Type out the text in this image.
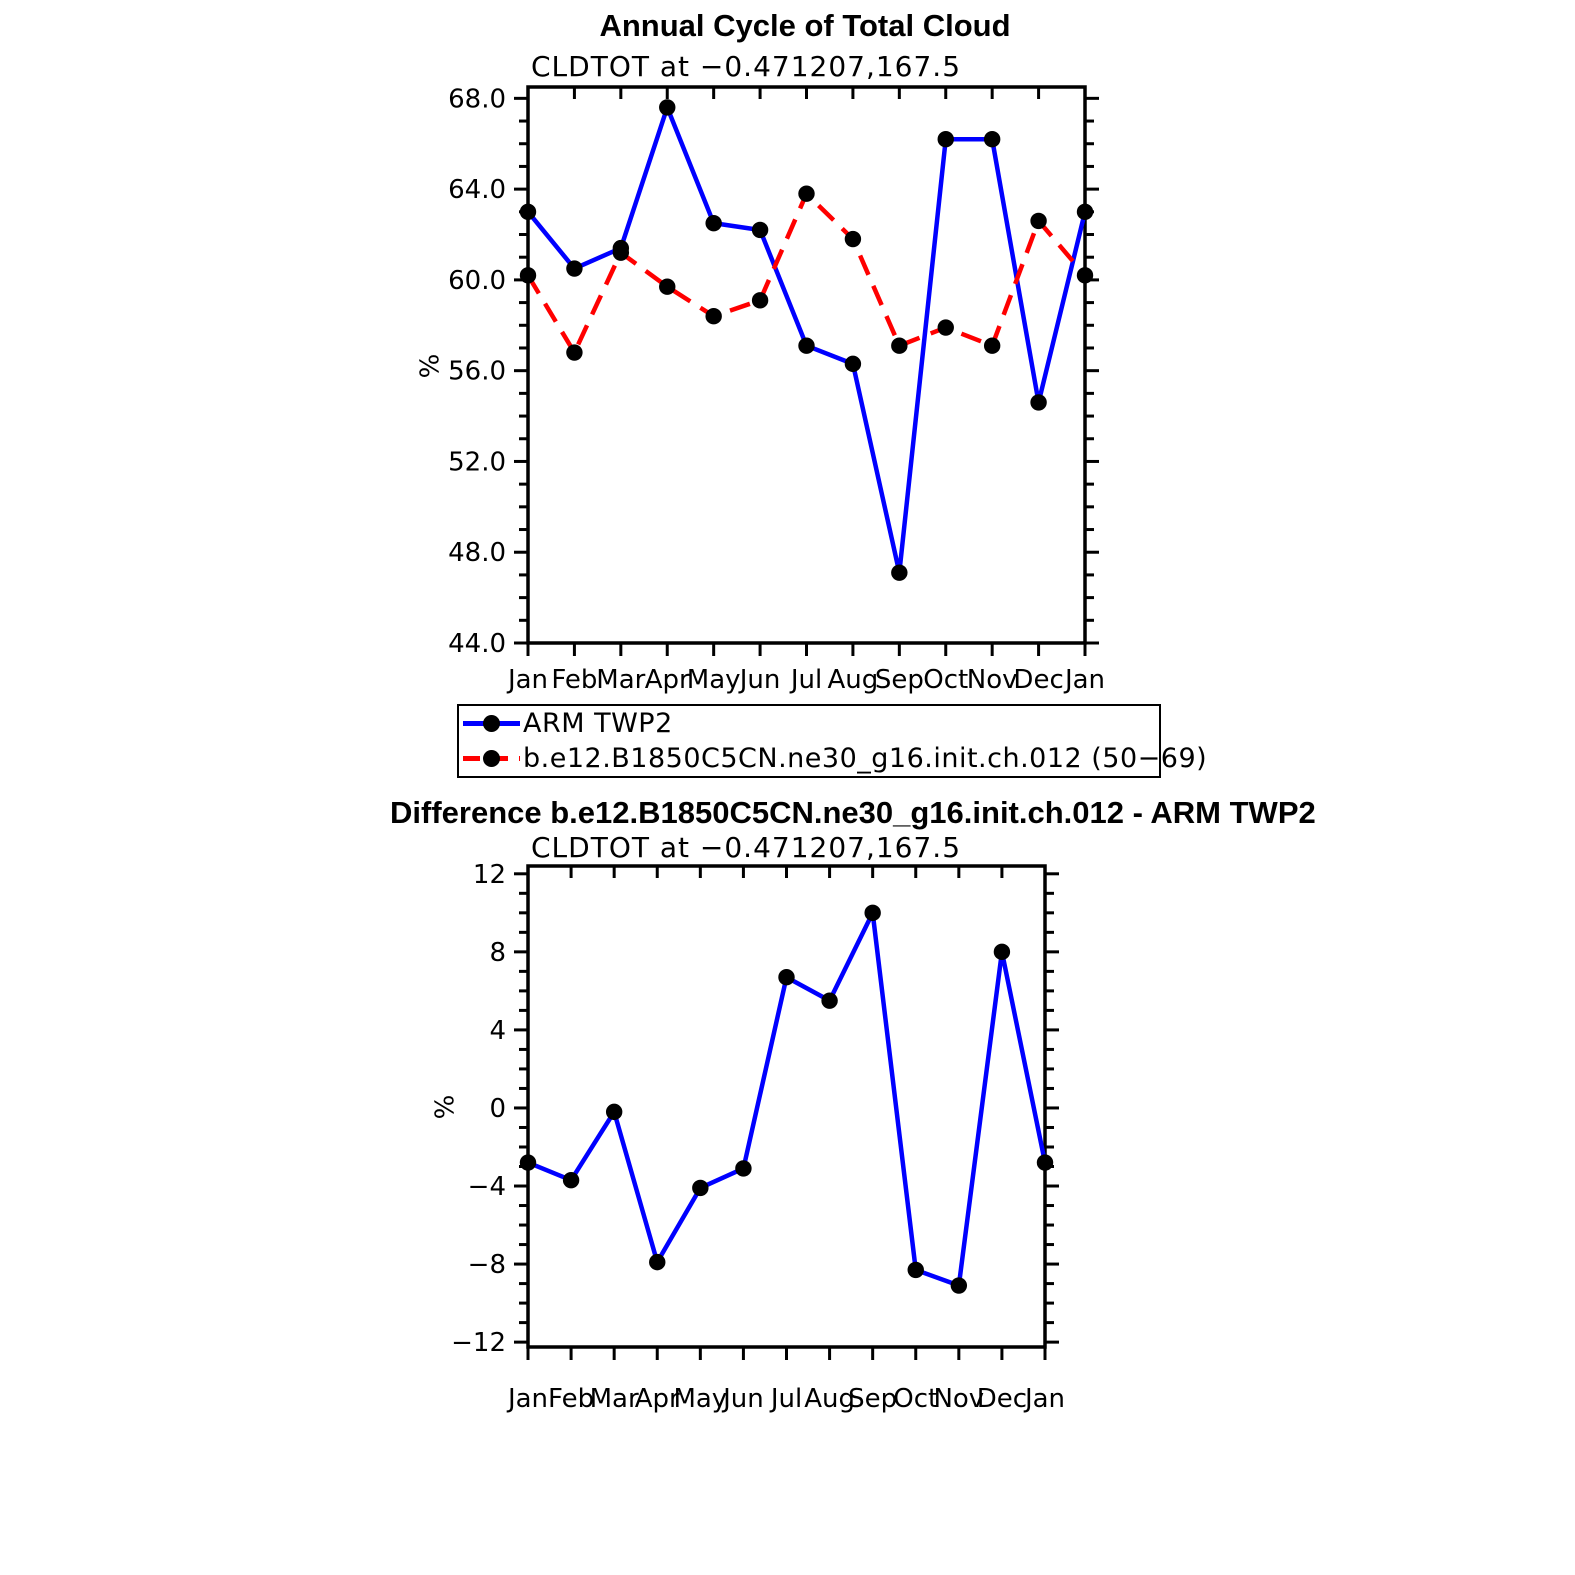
Annual Cycle of Total Cloud
CLDTOT at −0.471207,167.5
%
Jan Feb
Mar Apr
May Jun Jul Aug
Sep Oct
Nov
Dec Jan
44.0
48.0
52.0
56.0
60.0
64.0
68.0
Jan Feb
Mar
Apr
May
Jun Jul Aug
Sep
Oct
Nov
Dec
Jan
−12
−8
−4
0
4
8
12
ARM TWP2
b.e12.B1850C5CN.ne30_g16.init.ch.012 (50−69)
Difference b.e12.B1850C5CN.ne30_g16.init.ch.012 - ARM TWP2
CLDTOT at −0.471207,167.5
%
